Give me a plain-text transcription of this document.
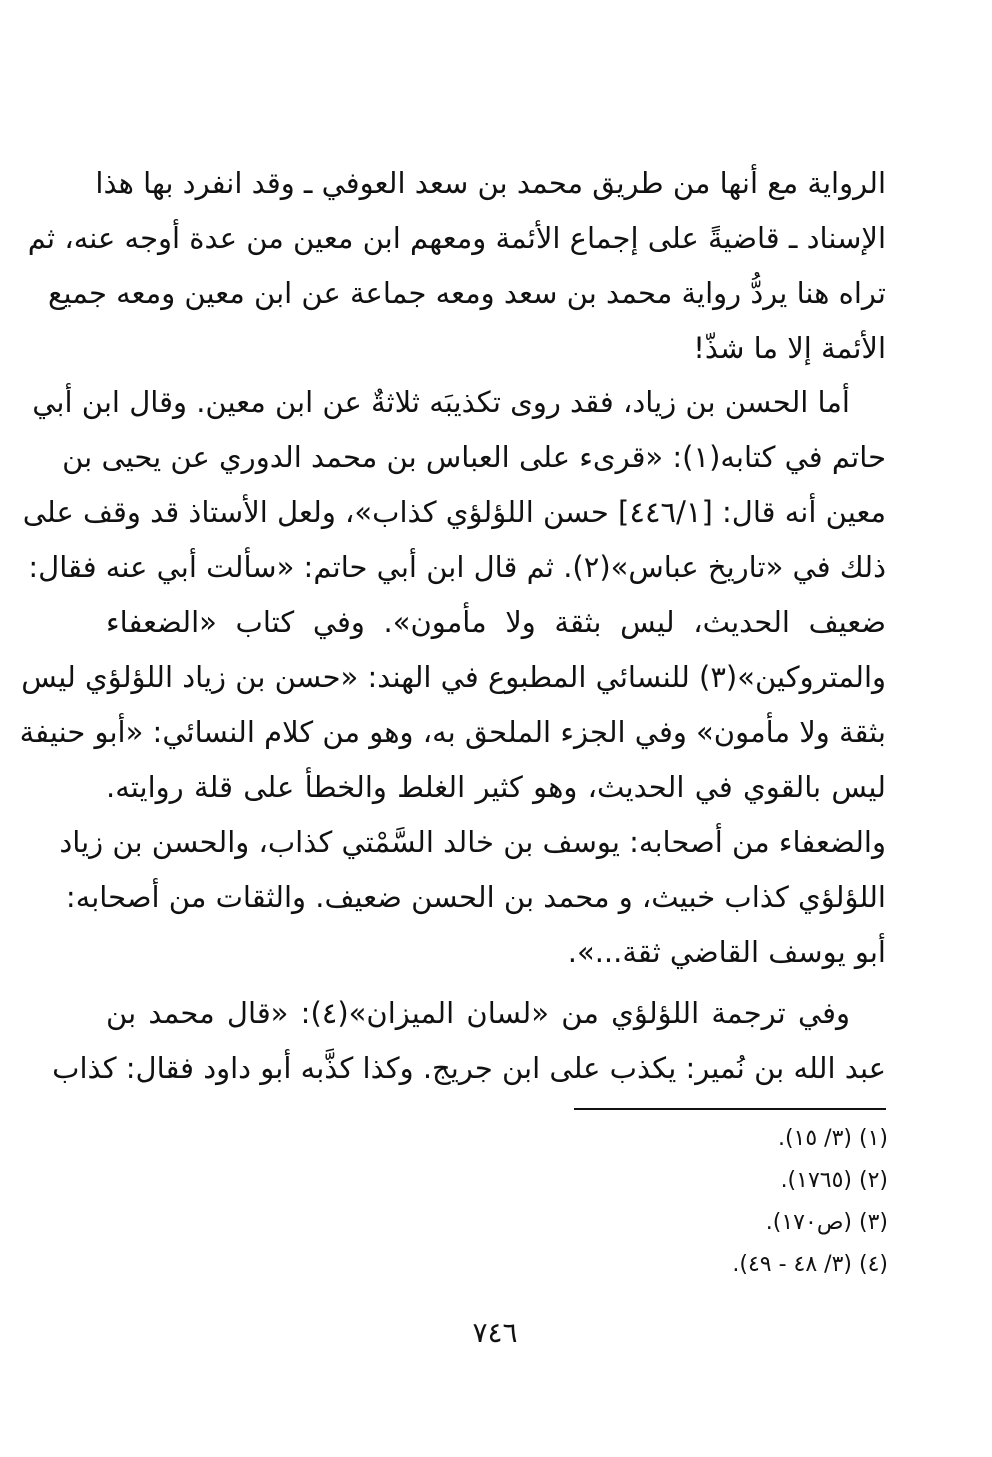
الرواية مع أنها من طريق محمد بن سعد العوفي ـ وقد انفرد بها هذا
الإسناد ـ قاضيةً على إجماع الأئمة ومعهم ابن معين من عدة أوجه عنه، ثم
تراه هنا يردُّ رواية محمد بن سعد ومعه جماعة عن ابن معين ومعه جميع
الأئمة إلا ما شذّ!
أما الحسن بن زياد، فقد روى تكذيبَه ثلاثةٌ عن ابن معين. وقال ابن أبي
حاتم في كتابه(١): «قرىء على العباس بن محمد الدوري عن يحيى بن
معين أنه قال: [٤٤٦/١] حسن اللؤلؤي كذاب»، ولعل الأستاذ قد وقف على
ذلك في «تاريخ عباس»(٢). ثم قال ابن أبي حاتم: «سألت أبي عنه فقال:
ضعيف الحديث، ليس بثقة ولا مأمون». وفي كتاب «الضعفاء
والمتروكين»(٣) للنسائي المطبوع في الهند: «حسن بن زياد اللؤلؤي ليس
بثقة ولا مأمون» وفي الجزء الملحق به، وهو من كلام النسائي: «أبو حنيفة
ليس بالقوي في الحديث، وهو كثير الغلط والخطأ على قلة روايته.
والضعفاء من أصحابه: يوسف بن خالد السَّمْتي كذاب، والحسن بن زياد
اللؤلؤي كذاب خبيث، و محمد بن الحسن ضعيف. والثقات من أصحابه:
أبو يوسف القاضي ثقة...».
وفي ترجمة اللؤلؤي من «لسان الميزان»(٤): «قال محمد بن
عبد الله بن نُمير: يكذب على ابن جريج. وكذا كذَّبه أبو داود فقال: كذاب
(١) (٣/ ١٥).
(٢) (١٧٦٥).
(٣) (ص١٧٠).
(٤) (٣/ ٤٨ - ٤٩).
٧٤٦
